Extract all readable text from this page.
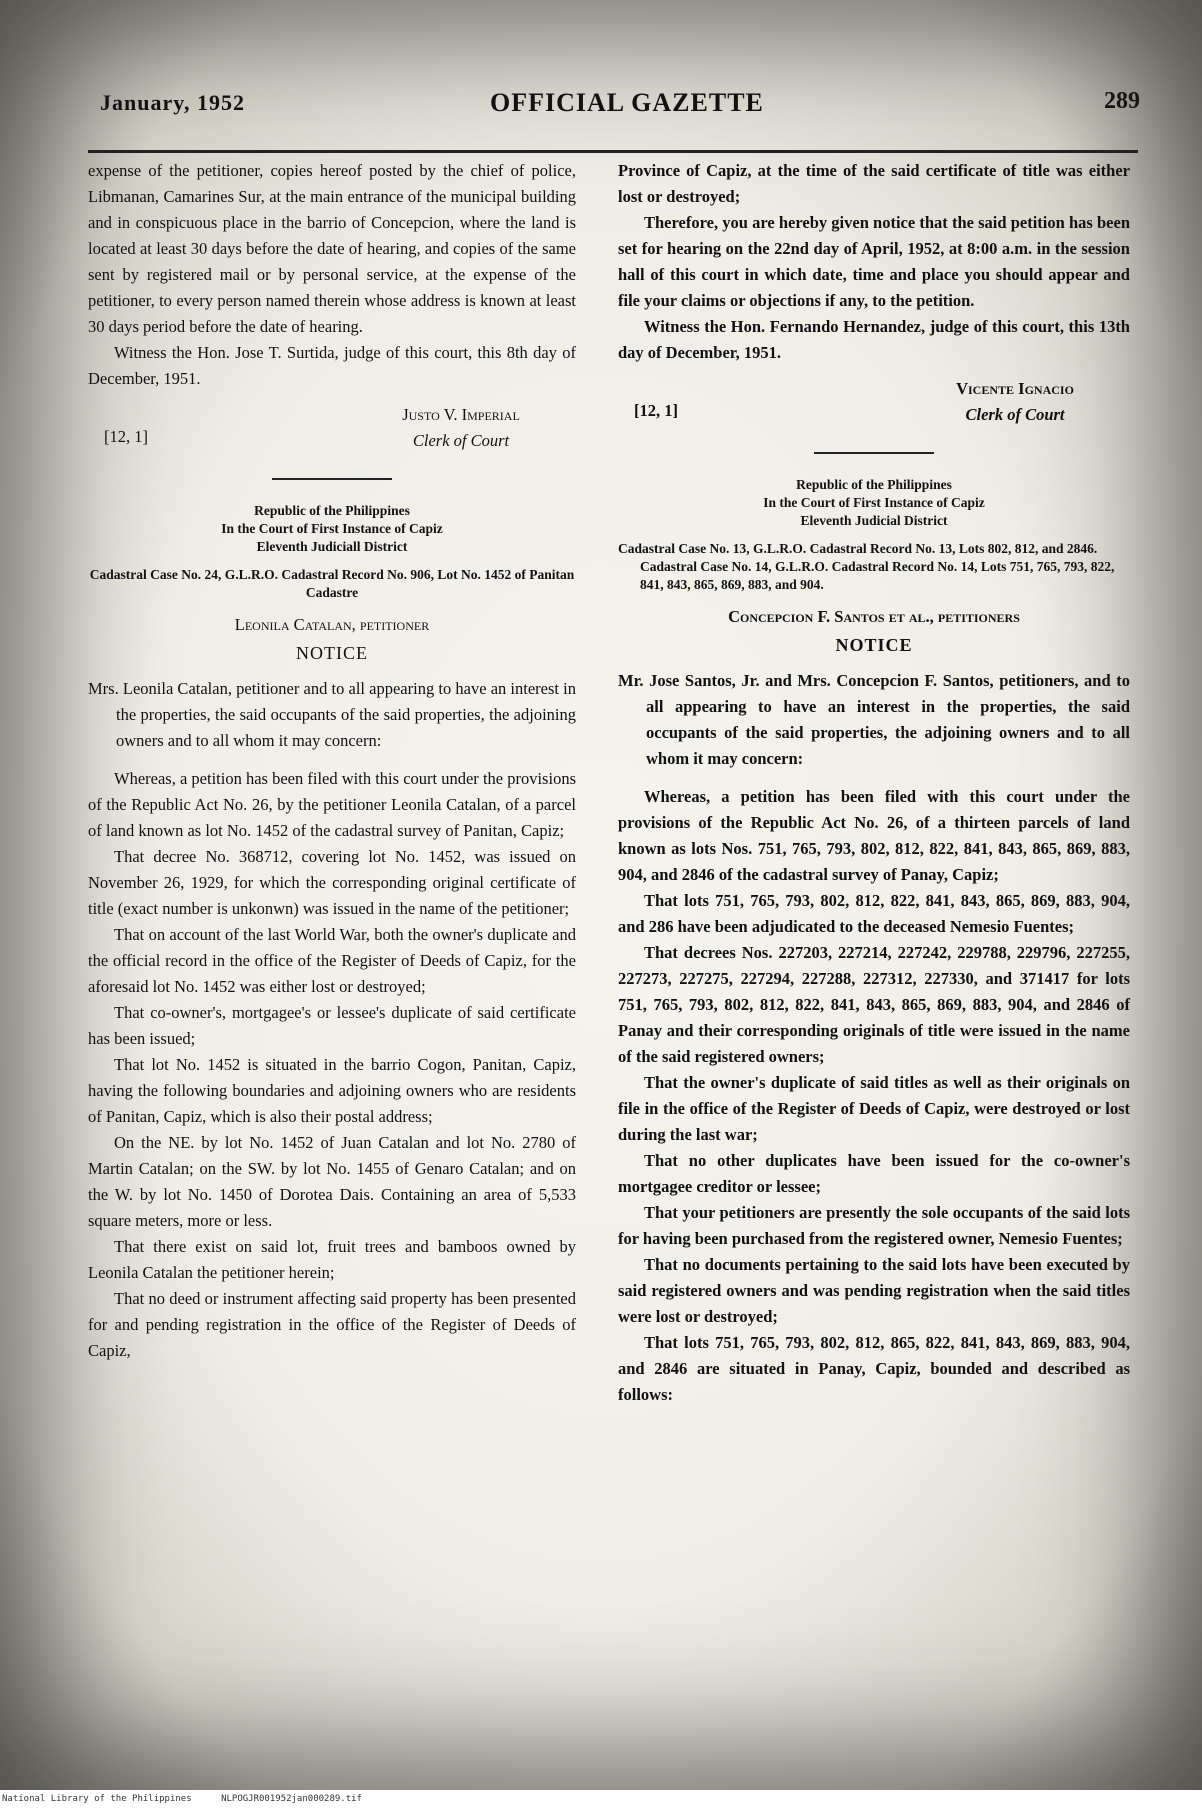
January, 1952	OFFICIAL GAZETTE	289

expense of the petitioner, copies hereof posted by the chief of police, Libmanan, Camarines Sur, at the main entrance of the municipal building and in conspicuous place in the barrio of Concepcion, where the land is located at least 30 days before the date of hearing, and copies of the same sent by registered mail or by personal service, at the expense of the petitioner, to every person named therein whose address is known at least 30 days period before the date of hearing.

Witness the Hon. Jose T. Surtida, judge of this court, this 8th day of December, 1951.

[12, 1]
Justo V. Imperial
Clerk of Court
Republic of the Philippines
In the Court of First Instance of Capiz
Eleventh Judiciall District
Cadastral Case No. 24, G.L.R.O. Cadastral Record No. 906, Lot No. 1452 of Panitan Cadastre
Leonila Catalan, petitioner
NOTICE

Mrs. Leonila Catalan, petitioner and to all appearing to have an interest in the properties, the said occupants of the said properties, the adjoining owners and to all whom it may concern:

Whereas, a petition has been filed with this court under the provisions of the Republic Act No. 26, by the petitioner Leonila Catalan, of a parcel of land known as lot No. 1452 of the cadastral survey of Panitan, Capiz;

That decree No. 368712, covering lot No. 1452, was issued on November 26, 1929, for which the corresponding original certificate of title (exact number is unkonwn) was issued in the name of the petitioner;

That on account of the last World War, both the owner's duplicate and the official record in the office of the Register of Deeds of Capiz, for the aforesaid lot No. 1452 was either lost or destroyed;

That co-owner's, mortgagee's or lessee's duplicate of said certificate has been issued;

That lot No. 1452 is situated in the barrio Cogon, Panitan, Capiz, having the following boundaries and adjoining owners who are residents of Panitan, Capiz, which is also their postal address;

On the NE. by lot No. 1452 of Juan Catalan and lot No. 2780 of Martin Catalan; on the SW. by lot No. 1455 of Genaro Catalan; and on the W. by lot No. 1450 of Dorotea Dais. Containing an area of 5,533 square meters, more or less.

That there exist on said lot, fruit trees and bamboos owned by Leonila Catalan the petitioner herein;

That no deed or instrument affecting said property has been presented for and pending registration in the office of the Register of Deeds of Capiz,

Province of Capiz, at the time of the said certificate of title was either lost or destroyed;

Therefore, you are hereby given notice that the said petition has been set for hearing on the 22nd day of April, 1952, at 8:00 a.m. in the session hall of this court in which date, time and place you should appear and file your claims or objections if any, to the petition.

Witness the Hon. Fernando Hernandez, judge of this court, this 13th day of December, 1951.

[12, 1]
Vicente Ignacio
Clerk of Court
Republic of the Philippines
In the Court of First Instance of Capiz
Eleventh Judicial District
Cadastral Case No. 13, G.L.R.O. Cadastral Record No. 13, Lots 802, 812, and 2846. Cadastral Case No. 14, G.L.R.O. Cadastral Record No. 14, Lots 751, 765, 793, 822, 841, 843, 865, 869, 883, and 904.
Concepcion F. Santos et al., petitioners
NOTICE

Mr. Jose Santos, Jr. and Mrs. Concepcion F. Santos, petitioners, and to all appearing to have an interest in the properties, the said occupants of the said properties, the adjoining owners and to all whom it may concern:

Whereas, a petition has been filed with this court under the provisions of the Republic Act No. 26, of a thirteen parcels of land known as lots Nos. 751, 765, 793, 802, 812, 822, 841, 843, 865, 869, 883, 904, and 2846 of the cadastral survey of Panay, Capiz;

That lots 751, 765, 793, 802, 812, 822, 841, 843, 865, 869, 883, 904, and 286 have been adjudicated to the deceased Nemesio Fuentes;

That decrees Nos. 227203, 227214, 227242, 229788, 229796, 227255, 227273, 227275, 227294, 227288, 227312, 227330, and 371417 for lots 751, 765, 793, 802, 812, 822, 841, 843, 865, 869, 883, 904, and 2846 of Panay and their corresponding originals of title were issued in the name of the said registered owners;

That the owner's duplicate of said titles as well as their originals on file in the office of the Register of Deeds of Capiz, were destroyed or lost during the last war;

That no other duplicates have been issued for the co-owner's mortgagee creditor or lessee;

That your petitioners are presently the sole occupants of the said lots for having been purchased from the registered owner, Nemesio Fuentes;

That no documents pertaining to the said lots have been executed by said registered owners and was pending registration when the said titles were lost or destroyed;

That lots 751, 765, 793, 802, 812, 865, 822, 841, 843, 869, 883, 904, and 2846 are situated in Panay, Capiz, bounded and described as follows:

National Library of the Philippines	NLPOGJR001952jan000289.tif
